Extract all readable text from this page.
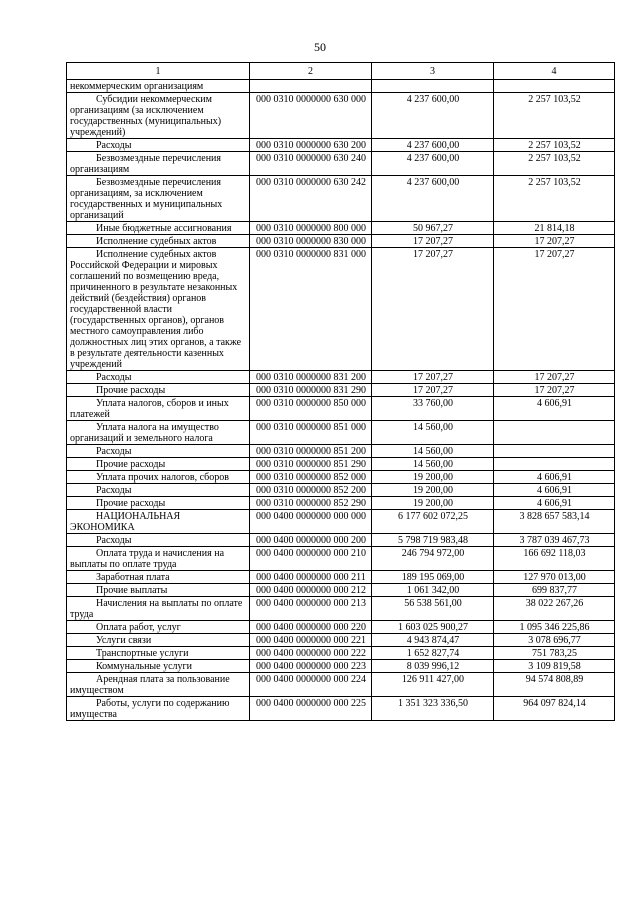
50
1	2	3	4
некоммерческим организациям			
Субсидии некоммерческим организациям (за исключением государственных (муниципальных) учреждений)	000 0310 0000000 630 000	4 237 600,00	2 257 103,52
Расходы	000 0310 0000000 630 200	4 237 600,00	2 257 103,52
Безвозмездные перечисления организациям	000 0310 0000000 630 240	4 237 600,00	2 257 103,52
Безвозмездные перечисления организациям, за исключением государственных и муниципальных организаций	000 0310 0000000 630 242	4 237 600,00	2 257 103,52
Иные бюджетные ассигнования	000 0310 0000000 800 000	50 967,27	21 814,18
Исполнение судебных актов	000 0310 0000000 830 000	17 207,27	17 207,27
Исполнение судебных актов Российской Федерации и мировых соглашений по возмещению вреда, причиненного в результате незаконных действий (бездействия) органов государственной власти (государственных органов), органов местного самоуправления либо должностных лиц этих органов, а также в результате деятельности казенных учреждений	000 0310 0000000 831 000	17 207,27	17 207,27
Расходы	000 0310 0000000 831 200	17 207,27	17 207,27
Прочие расходы	000 0310 0000000 831 290	17 207,27	17 207,27
Уплата налогов, сборов и иных платежей	000 0310 0000000 850 000	33 760,00	4 606,91
Уплата налога на имущество организаций и земельного налога	000 0310 0000000 851 000	14 560,00	
Расходы	000 0310 0000000 851 200	14 560,00	
Прочие расходы	000 0310 0000000 851 290	14 560,00	
Уплата прочих налогов, сборов	000 0310 0000000 852 000	19 200,00	4 606,91
Расходы	000 0310 0000000 852 200	19 200,00	4 606,91
Прочие расходы	000 0310 0000000 852 290	19 200,00	4 606,91
НАЦИОНАЛЬНАЯ ЭКОНОМИКА	000 0400 0000000 000 000	6 177 602 072,25	3 828 657 583,14
Расходы	000 0400 0000000 000 200	5 798 719 983,48	3 787 039 467,73
Оплата труда и начисления на выплаты по оплате труда	000 0400 0000000 000 210	246 794 972,00	166 692 118,03
Заработная плата	000 0400 0000000 000 211	189 195 069,00	127 970 013,00
Прочие выплаты	000 0400 0000000 000 212	1 061 342,00	699 837,77
Начисления на выплаты по оплате труда	000 0400 0000000 000 213	56 538 561,00	38 022 267,26
Оплата работ, услуг	000 0400 0000000 000 220	1 603 025 900,27	1 095 346 225,86
Услуги связи	000 0400 0000000 000 221	4 943 874,47	3 078 696,77
Транспортные услуги	000 0400 0000000 000 222	1 652 827,74	751 783,25
Коммунальные услуги	000 0400 0000000 000 223	8 039 996,12	3 109 819,58
Арендная плата за пользование имуществом	000 0400 0000000 000 224	126 911 427,00	94 574 808,89
Работы, услуги по содержанию имущества	000 0400 0000000 000 225	1 351 323 336,50	964 097 824,14
